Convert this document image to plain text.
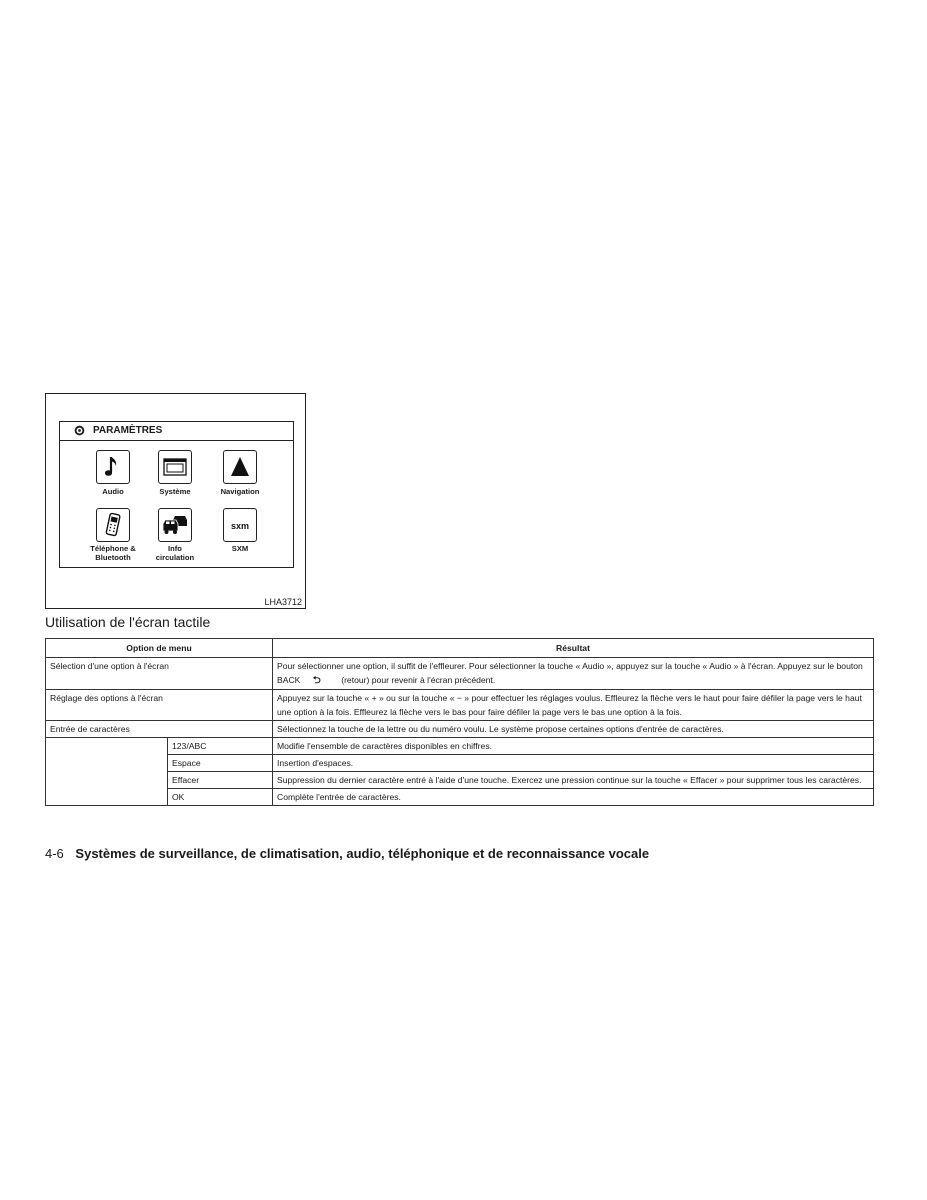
PARAMÈTRES
Audio	Système	Navigation
Téléphone &
Bluetooth
Info
circulation
sxm
SXM
LHA3712
Utilisation de l'écran tactile
Option de menu		Résultat
Sélection d'une option à l'écran		Pour sélectionner une option, il suffit de l'effleurer. Pour sélectionner la touche « Audio », appuyez sur la touche « Audio » à l'écran. Appuyez sur le bouton BACK ⮌ (retour) pour revenir à l'écran précédent.
Réglage des options à l'écran		Appuyez sur la touche « + » ou sur la touche « − » pour effectuer les réglages voulus. Effleurez la flèche vers le haut pour faire défiler la page vers le haut une option à la fois. Effleurez la flèche vers le bas pour faire défiler la page vers le bas une option à la fois.
Entrée de caractères		Sélectionnez la touche de la lettre ou du numéro voulu. Le système propose certaines options d'entrée de caractères.
	123/ABC	Modifie l'ensemble de caractères disponibles en chiffres.
	Espace	Insertion d'espaces.
	Effacer	Suppression du dernier caractère entré à l'aide d'une touche. Exercez une pression continue sur la touche « Effacer » pour supprimer tous les caractères.
	OK	Complète l'entrée de caractères.
4-6 Systèmes de surveillance, de climatisation, audio, téléphonique et de reconnaissance vocale
